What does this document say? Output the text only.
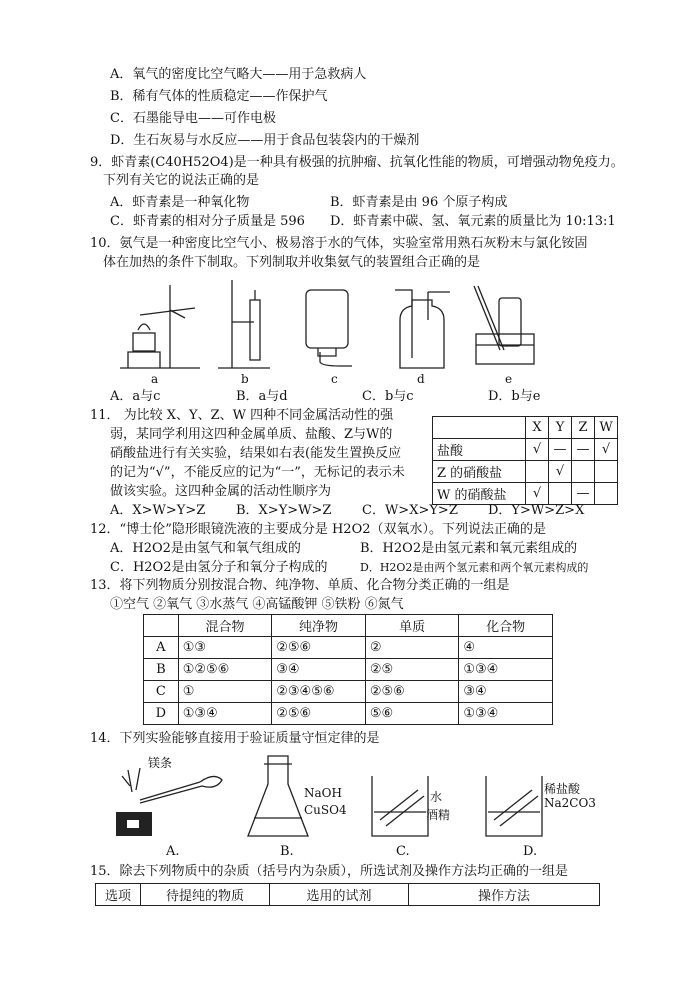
A．氧气的密度比空气略大——用于急救病人
B．稀有气体的性质稳定——作保护气
C．石墨能导电——可作电极
D．生石灰易与水反应——用于食品包装袋内的干燥剂
9．虾青素(C40H52O4)是一种具有极强的抗肿瘤、抗氧化性能的物质，可增强动物免疫力。
下列有关它的说法正确的是
A．虾青素是一种氧化物	B．虾青素是由 96 个原子构成
C．虾青素的相对分子质量是 596 D．虾青素中碳、氢、氧元素的质量比为 10:13:1
10．氨气是一种密度比空气小、极易溶于水的气体，实验室常用熟石灰粉末与氯化铵固
体在加热的条件下制取。下列制取并收集氨气的装置组合正确的是
a	b	c	d	e
A．a与c	B．a与d	C．b与c	D．b与e
11． 为比较 X、Y、Z、W 四种不同金属活动性的强
弱，某同学利用这四种金属单质、盐酸、Z与W的
硝酸盐进行有关实验，结果如右表(能发生置换反应
的记为“√”，不能反应的记为“一”，无标记的表示未
做该实验。这四种金属的活动性顺序为
	X	Y	Z	W
盐酸	√	—	—	√
Z 的硝酸盐		√		
W 的硝酸盐	√		—	
A．X>W>Y>Z B．X>Y>W>Z C．W>X>Y>Z D．Y>W>Z>X
12．“博士伦”隐形眼镜洗液的主要成分是 H2O2（双氧水）。下列说法正确的是
A．H2O2是由氢气和氧气组成的	B．H2O2是由氢元素和氧元素组成的
C．H2O2是由氢分子和氧分子构成的	D．H2O2是由两个氢元素和两个氧元素构成的
13．将下列物质分别按混合物、纯净物、单质、化合物分类正确的一组是
①空气 ②氧气 ③水蒸气 ④高锰酸钾 ⑤铁粉 ⑥氮气
	混合物	纯净物	单质	化合物
A	①③	②⑤⑥	②	④
B	①②⑤⑥	③④	②⑤	①③④
C	①	②③④⑤⑥	②⑤⑥	③④
D	①③④	②⑤⑥	⑤⑥	①③④
14．下列实验能够直接用于验证质量守恒定律的是
镁条
NaOH
CuSO4
水
酒精
稀盐酸
Na2CO3
A.	B.	C.	D.
15．除去下列物质中的杂质（括号内为杂质），所选试剂及操作方法均正确的一组是
选项	待提纯的物质	选用的试剂	操作方法
